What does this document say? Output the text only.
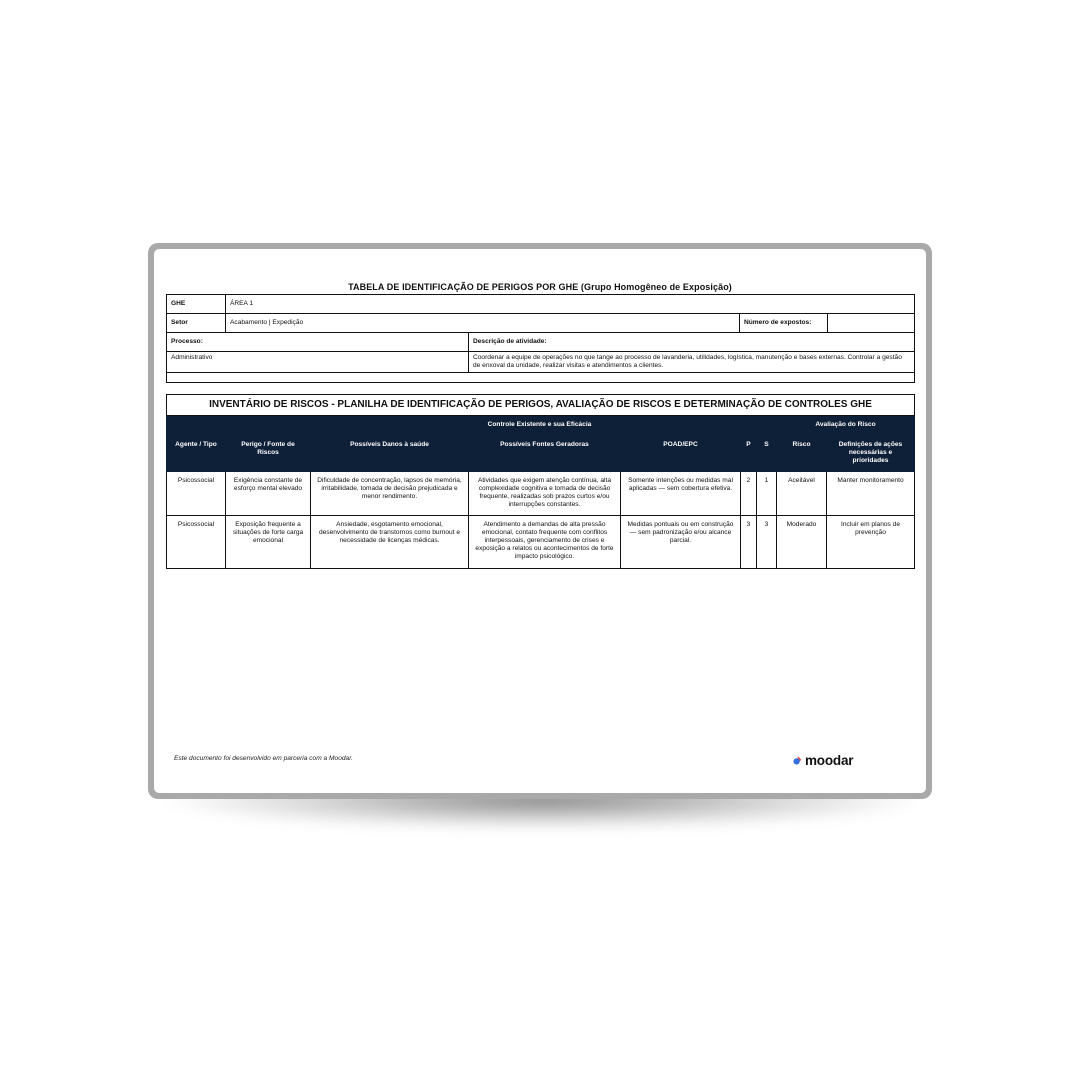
TABELA DE IDENTIFICAÇÃO DE PERIGOS POR GHE (Grupo Homogêneo de Exposição)
GHE	ÁREA 1			
Setor	Acabamento | Expedição		Número de expostos:	
Processo:		Descrição de atividade:		
Administrativo		Coordenar a equipe de operações no que tange ao processo de lavanderia, utilidades, logística, manutenção e bases externas. Controlar a gestão de enxoval da unidade, realizar visitas e atendimentos a clientes.		

INVENTÁRIO DE RISCOS - PLANILHA DE IDENTIFICAÇÃO DE PERIGOS, AVALIAÇÃO DE RISCOS E DETERMINAÇÃO DE CONTROLES GHE								
Controle Existente e sua Eficácia							Avaliação do Risco	
Agente / Tipo	Perigo / Fonte de Riscos	Possíveis Danos à saúde	Possíveis Fontes Geradoras	POAD/EPC	P	S	Risco	Definições de ações necessárias e prioridades
Psicossocial	Exigência constante de esforço mental elevado	Dificuldade de concentração, lapsos de memória, irritabilidade, tomada de decisão prejudicada e menor rendimento.	Atividades que exigem atenção contínua, alta complexidade cognitiva e tomada de decisão frequente, realizadas sob prazos curtos e/ou interrupções constantes.	Somente intenções ou medidas mal aplicadas — sem cobertura efetiva.	2	1	Aceitável	Manter monitoramento
Psicossocial	Exposição frequente a situações de forte carga emocional	Ansiedade, esgotamento emocional, desenvolvimento de transtornos como burnout e necessidade de licenças médicas.	Atendimento a demandas de alta pressão emocional, contato frequente com conflitos interpessoais, gerenciamento de crises e exposição a relatos ou acontecimentos de forte impacto psicológico.	Medidas pontuais ou em construção — sem padronização e/ou alcance parcial.	3	3	Moderado	Incluir em planos de prevenção
Este documento foi desenvolvido em parceria com a Moodar.	moodar
